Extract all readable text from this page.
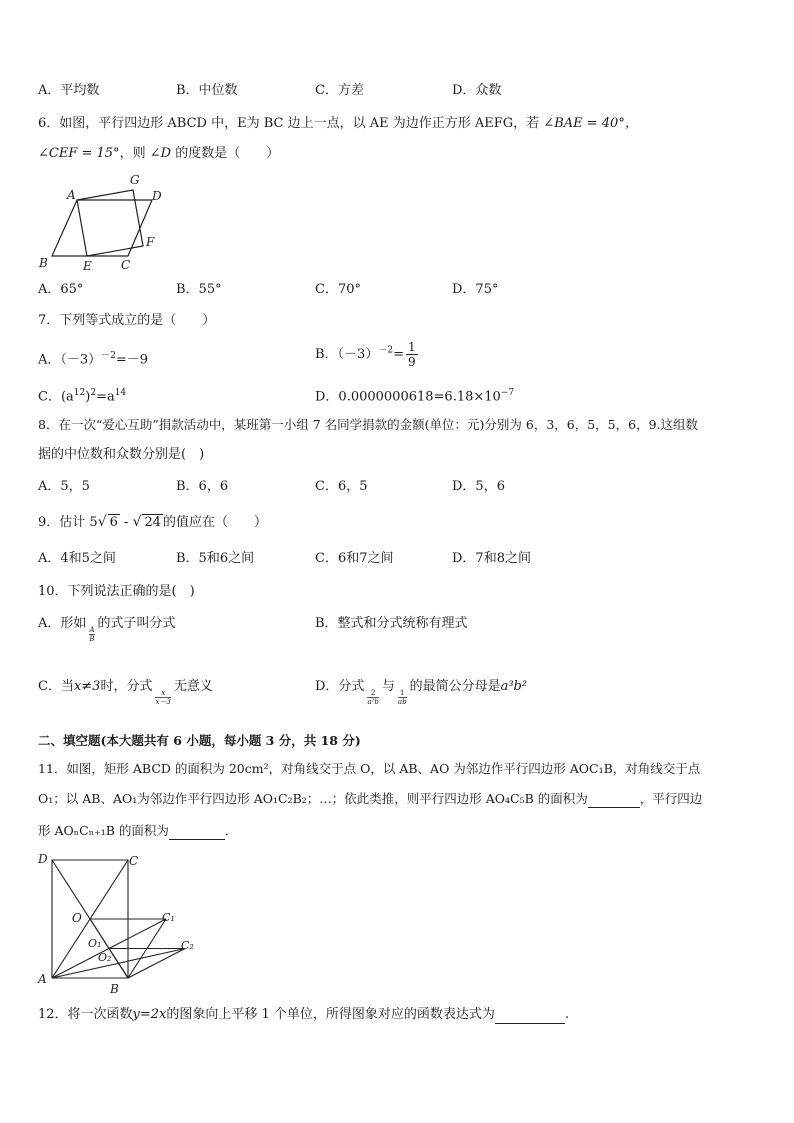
A．平均数	B．中位数	C．方差	D．众数
6．如图，平行四边形 ABCD 中，E为 BC 边上一点，以 AE 为边作正方形 AEFG，若 ∠BAE = 40°，
∠CEF = 15°，则 ∠D 的度数是（　　）
A
G
D
F
B	E C
A．65°	B．55°	C．70°	D．75°
7．下列等式成立的是（　　）
A．$(-3)^{-2}=-9$	B．$(-3)^{-2}= \frac{1}{9}$
C．$(a^{12})^2=a^{14}$	D．$0.0000000618=6.18\times 10^{-7}$
8．在一次“爱心互助”捐款活动中，某班第一小组 7 名同学捐款的金额(单位：元)分别为 6，3，6，5，5，6，9.这组数
据的中位数和众数分别是(　)
A．5，5	B．6，6	C．6，5	D．5，6
9．估计 5√ 6 - √ 24 的值应在（　　）
A．4和5之间	B．5和6之间	C．6和7之间	D．7和8之间
10．下列说法正确的是(　)
A．形如
$\frac{A}{B}$
的式子叫分式	B．整式和分式统称有理式
C．当x≠3时，分式
$\frac{x}{x-3}$
无意义	D．分式
$\frac{2}{\text{a²b}}$
与
$\frac{1}{ab}$
的最简公分母是a³b²
二、填空题(本大题共有 6 小题，每小题 3 分，共 18 分)
11．如图，矩形 ABCD 的面积为 20cm²，对角线交于点 O，以 AB、AO 为邻边作平行四边形 AOC₁B，对角线交于点
O₁；以 AB、AO₁为邻边作平行四边形 AO₁C₂B₂；…；依此类推，则平行四边形 AO₄C₅B 的面积为	，平行四边
形 AOₙCₙ₊₁B 的面积为	．
D	C
O	C₁
O₁
O₂
C₂
A
B
12．将一次函数y=2x的图象向上平移 1 个单位，所得图象对应的函数表达式为	.
